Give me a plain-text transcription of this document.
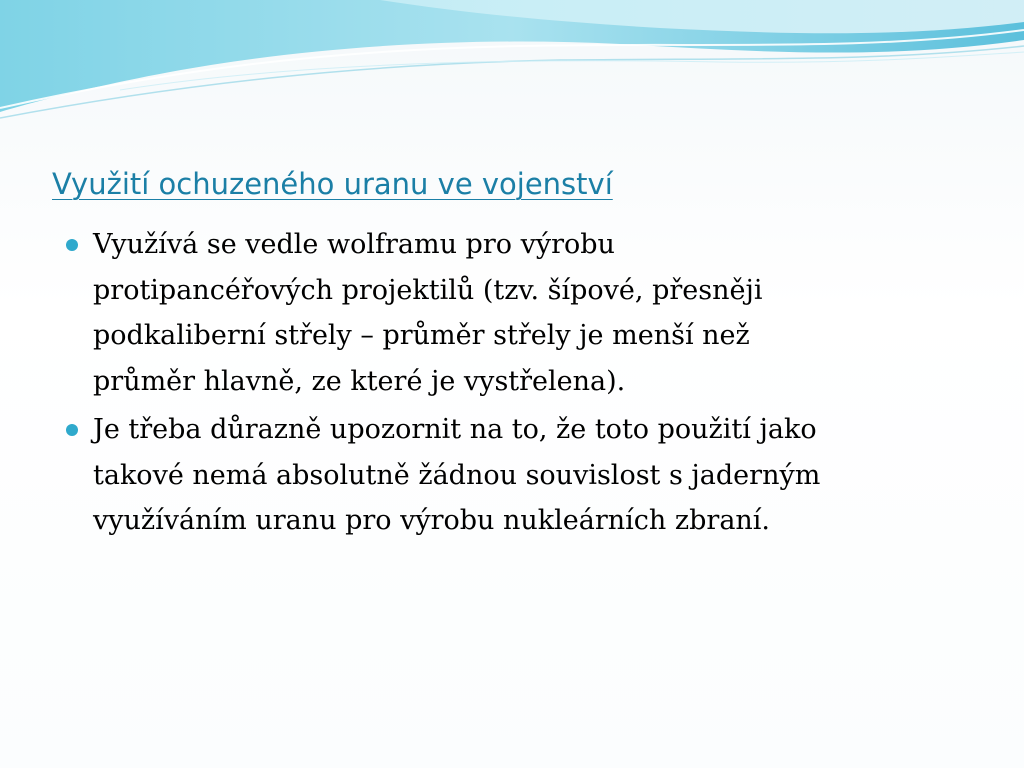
Využití ochuzeného uranu ve vojenství
Využívá se vedle wolframu pro výrobu
protipancéřových projektilů (tzv. šípové, přesněji
podkaliberní střely – průměr střely je menší než
průměr hlavně, ze které je vystřelena).
Je třeba důrazně upozornit na to, že toto použití jako
takové nemá absolutně žádnou souvislost s jaderným
využíváním uranu pro výrobu nukleárních zbraní.
